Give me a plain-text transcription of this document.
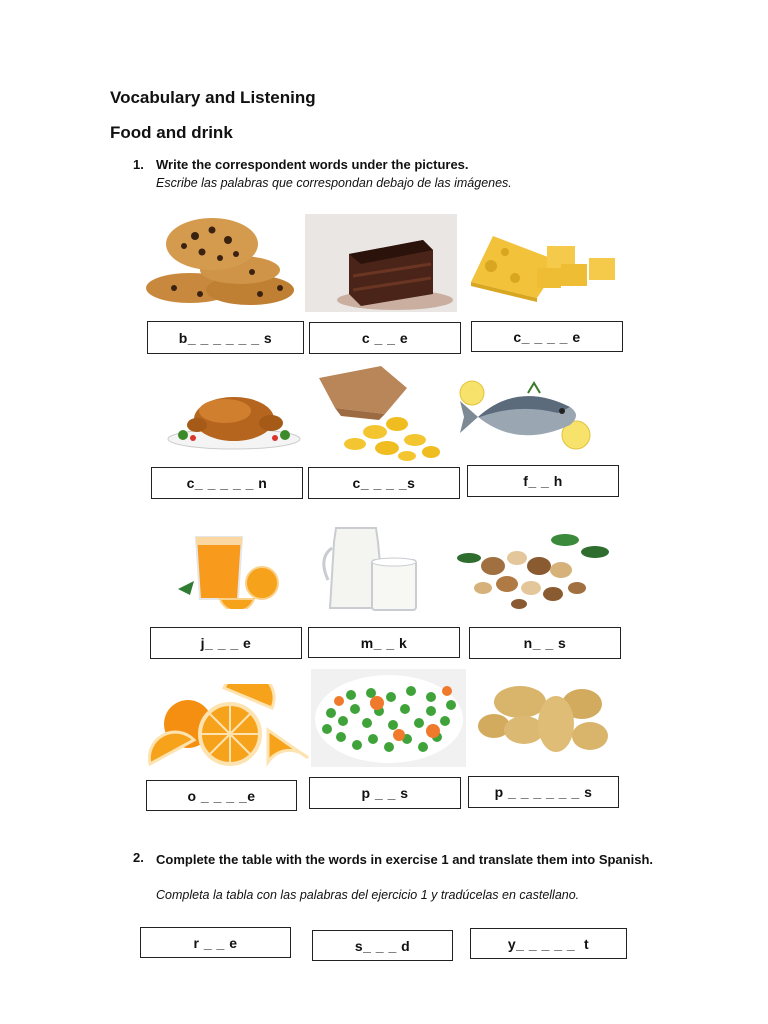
Vocabulary and Listening
Food and drink
1. Write the correspondent words under the pictures.
Escribe las palabras que correspondan debajo de las imágenes.
b_ _ _ _ _ _ s	c _ _ e	c_ _ _ _ e
c_ _ _ _ _ n	c_ _ _ _s	f_ _ h
j_ _ _ e	m_ _ k	n_ _ s
o _ _ _ _e	p _ _ s	p _ _ _ _ _ _ s
2. Complete the table with the words in exercise 1 and translate them into Spanish.
Completa la tabla con las palabras del ejercicio 1 y tradúcelas en castellano.
r _ _ e	s_ _ _ d	y_ _ _ _ _  t
